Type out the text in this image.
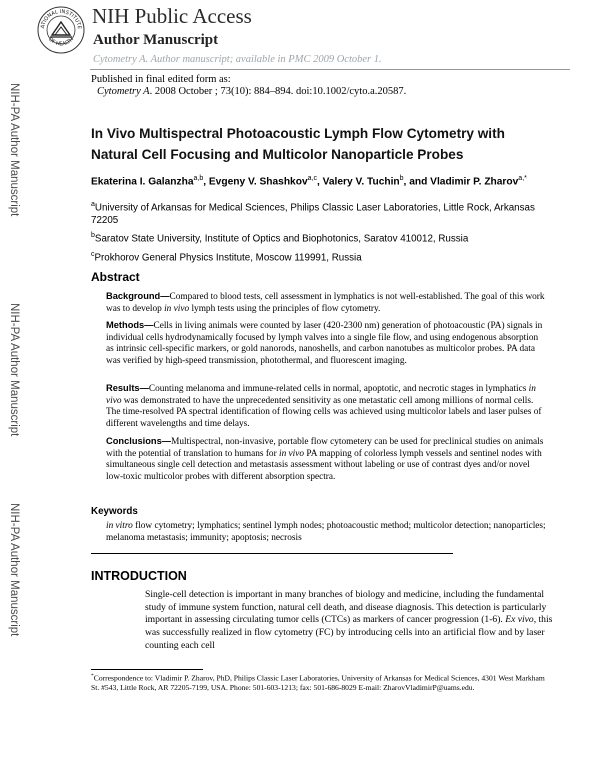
ATIONAL INSTITUTE
OF HEALTH
NIH Public Access
Author Manuscript
Cytometry A. Author manuscript; available in PMC 2009 October 1.
Published in final edited form as:
Cytometry A. 2008 October ; 73(10): 884–894. doi:10.1002/cyto.a.20587.
NIH-PA Author Manuscript
NIH-PA Author Manuscript
NIH-PA Author Manuscript
In Vivo Multispectral Photoacoustic Lymph Flow Cytometry with Natural Cell Focusing and Multicolor Nanoparticle Probes
Ekaterina I. Galanzha$^{a,b}$, Evgeny V. Shashkov$^{a,c}$, Valery V. Tuchin$^b$, and Vladimir P. Zharov$^{a,*}$
$^a$University of Arkansas for Medical Sciences, Philips Classic Laser Laboratories, Little Rock, Arkansas 72205
$^b$Saratov State University, Institute of Optics and Biophotonics, Saratov 410012, Russia
$^c$Prokhorov General Physics Institute, Moscow 119991, Russia
Abstract
Background—Compared to blood tests, cell assessment in lymphatics is not well-established. The goal of this work was to develop in vivo lymph tests using the principles of flow cytometry.
Methods—Cells in living animals were counted by laser (420-2300 nm) generation of photoacoustic (PA) signals in individual cells hydrodynamically focused by lymph valves into a single file flow, and using endogenous absorption as intrinsic cell-specific markers, or gold nanorods, nanoshells, and carbon nanotubes as multicolor probes. PA data was verified by high-speed transmission, photothermal, and fluorescent imaging.
Results—Counting melanoma and immune-related cells in normal, apoptotic, and necrotic stages in lymphatics in vivo was demonstrated to have the unprecedented sensitivity as one metastatic cell among millions of normal cells. The time-resolved PA spectral identification of flowing cells was achieved using multicolor labels and laser pulses of different wavelengths and time delays.
Conclusions—Multispectral, non-invasive, portable flow cytometery can be used for preclinical studies on animals with the potential of translation to humans for in vivo PA mapping of colorless lymph vessels and sentinel nodes with simultaneous single cell detection and metastasis assessment without labeling or use of contrast dyes and/or novel low-toxic multicolor probes with different absorption spectra.
Keywords
in vitro flow cytometry; lymphatics; sentinel lymph nodes; photoacoustic method; multicolor detection; nanoparticles; melanoma metastasis; immunity; apoptosis; necrosis
INTRODUCTION
Single-cell detection is important in many branches of biology and medicine, including the fundamental study of immune system function, natural cell death, and disease diagnosis. This detection is particularly important in assessing circulating tumor cells (CTCs) as markers of cancer progression (1-6). Ex vivo, this was successfully realized in flow cytometry (FC) by introducing cells into an artificial flow and by laser counting each cell
*Correspondence to: Vladimir P. Zharov, PhD, Philips Classic Laser Laboratories, University of Arkansas for Medical Sciences, 4301 West Markham St. #543, Little Rock, AR 72205-7199, USA. Phone: 501-603-1213; fax: 501-686-8029 E-mail: ZharovVladimirP@uams.edu.
